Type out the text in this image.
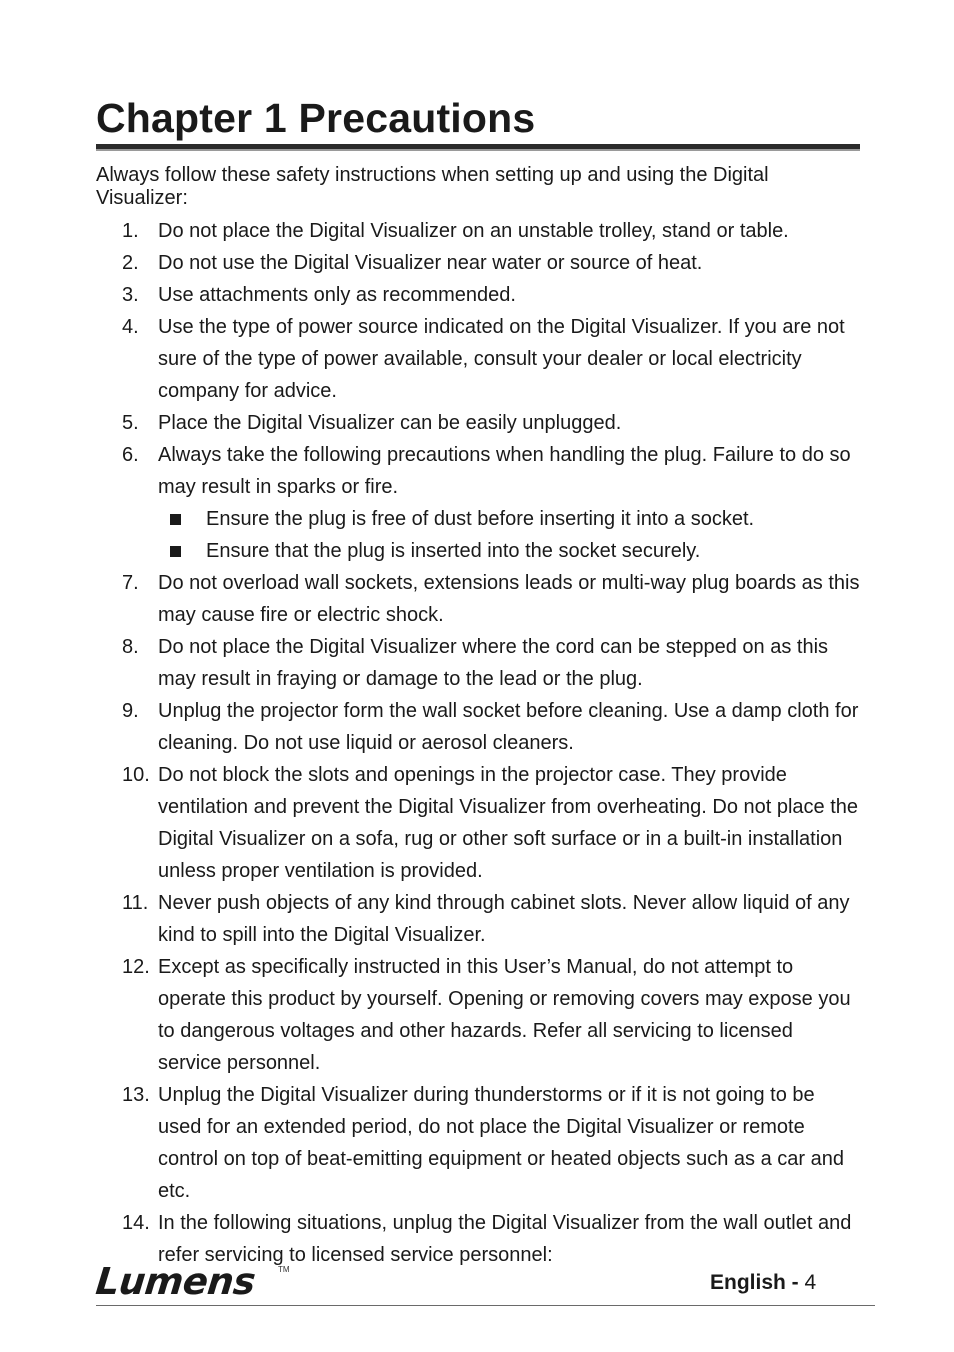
Chapter 1 Precautions

Always follow these safety instructions when setting up and using the Digital Visualizer:

1. Do not place the Digital Visualizer on an unstable trolley, stand or table.
2. Do not use the Digital Visualizer near water or source of heat.
3. Use attachments only as recommended.
4. Use the type of power source indicated on the Digital Visualizer. If you are not sure of the type of power available, consult your dealer or local electricity company for advice.
5. Place the Digital Visualizer can be easily unplugged.
6. Always take the following precautions when handling the plug. Failure to do so may result in sparks or fire.
Ensure the plug is free of dust before inserting it into a socket.
Ensure that the plug is inserted into the socket securely.
7. Do not overload wall sockets, extensions leads or multi-way plug boards as this may cause fire or electric shock.
8. Do not place the Digital Visualizer where the cord can be stepped on as this may result in fraying or damage to the lead or the plug.
9. Unplug the projector form the wall socket before cleaning. Use a damp cloth for cleaning. Do not use liquid or aerosol cleaners.
10. Do not block the slots and openings in the projector case. They provide ventilation and prevent the Digital Visualizer from overheating. Do not place the Digital Visualizer on a sofa, rug or other soft surface or in a built-in installation unless proper ventilation is provided.
11. Never push objects of any kind through cabinet slots. Never allow liquid of any kind to spill into the Digital Visualizer.
12. Except as specifically instructed in this User’s Manual, do not attempt to operate this product by yourself. Opening or removing covers may expose you to dangerous voltages and other hazards. Refer all servicing to licensed service personnel.
13. Unplug the Digital Visualizer during thunderstorms or if it is not going to be used for an extended period, do not place the Digital Visualizer or remote control on top of beat-emitting equipment or heated objects such as a car and etc.
14. In the following situations, unplug the Digital Visualizer from the wall outlet and refer servicing to licensed service personnel:
Lumens	TM
English - 4
